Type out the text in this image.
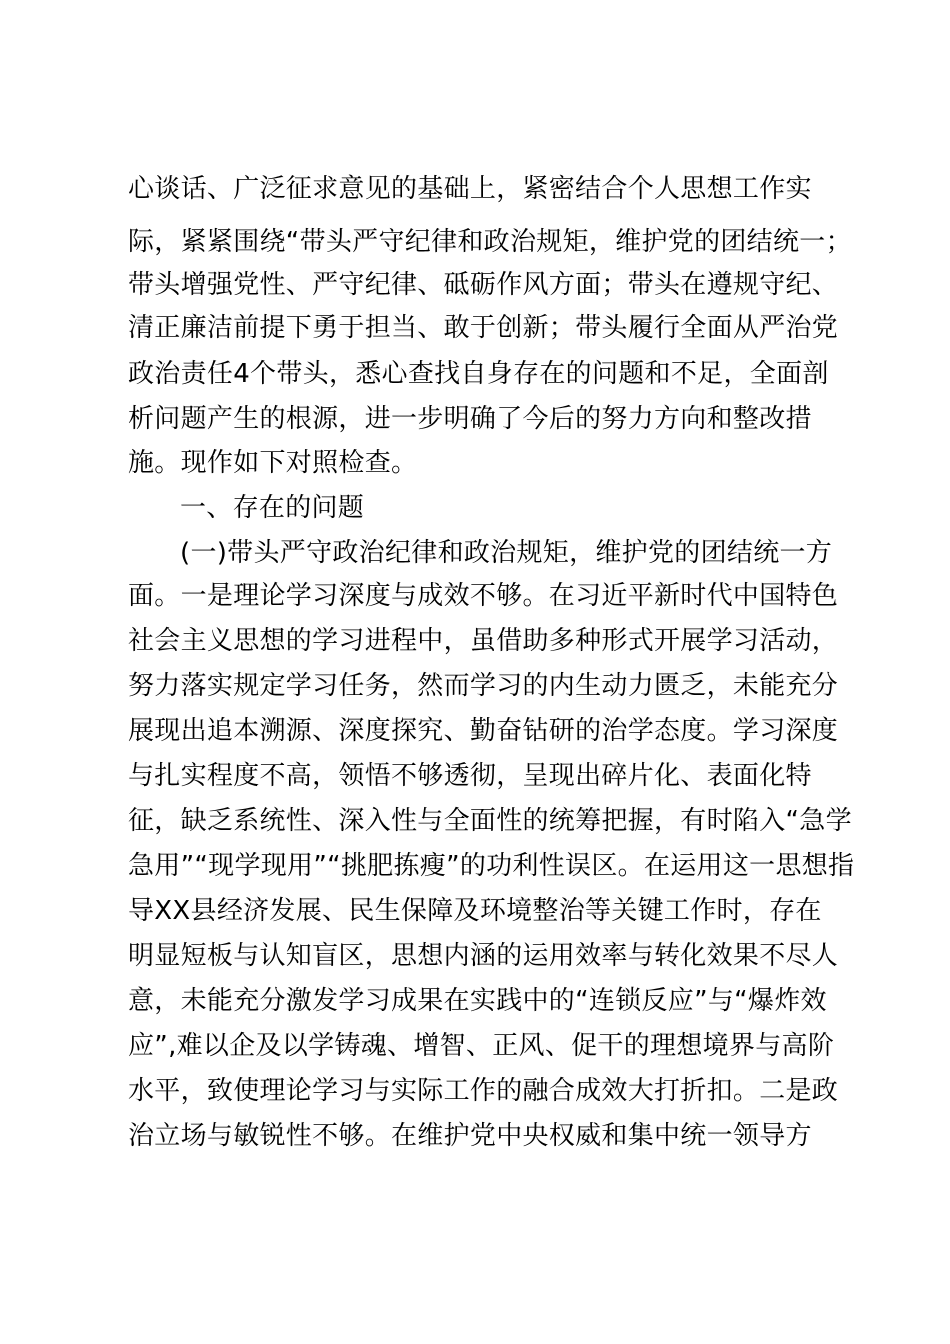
心谈话、广泛征求意见的基础上，紧密结合个人思想工作实
际，紧紧围绕“带头严守纪律和政治规矩，维护党的团结统一；
带头增强党性、严守纪律、砥砺作风方面；带头在遵规守纪、
清正廉洁前提下勇于担当、敢于创新；带头履行全面从严治党
政治责任4个带头，悉心查找自身存在的问题和不足，全面剖
析问题产生的根源，进一步明确了今后的努力方向和整改措
施。现作如下对照检查。
一、存在的问题
(一)带头严守政治纪律和政治规矩，维护党的团结统一方
面。一是理论学习深度与成效不够。在习近平新时代中国特色
社会主义思想的学习进程中，虽借助多种形式开展学习活动，
努力落实规定学习任务，然而学习的内生动力匮乏，未能充分
展现出追本溯源、深度探究、勤奋钻研的治学态度。学习深度
与扎实程度不高，领悟不够透彻，呈现出碎片化、表面化特
征，缺乏系统性、深入性与全面性的统筹把握，有时陷入“急学
急用”“现学现用”“挑肥拣瘦”的功利性误区。在运用这一思想指
导XX县经济发展、民生保障及环境整治等关键工作时，存在
明显短板与认知盲区，思想内涵的运用效率与转化效果不尽人
意，未能充分激发学习成果在实践中的“连锁反应”与“爆炸效
应”,难以企及以学铸魂、增智、正风、促干的理想境界与高阶
水平，致使理论学习与实际工作的融合成效大打折扣。二是政
治立场与敏锐性不够。在维护党中央权威和集中统一领导方
